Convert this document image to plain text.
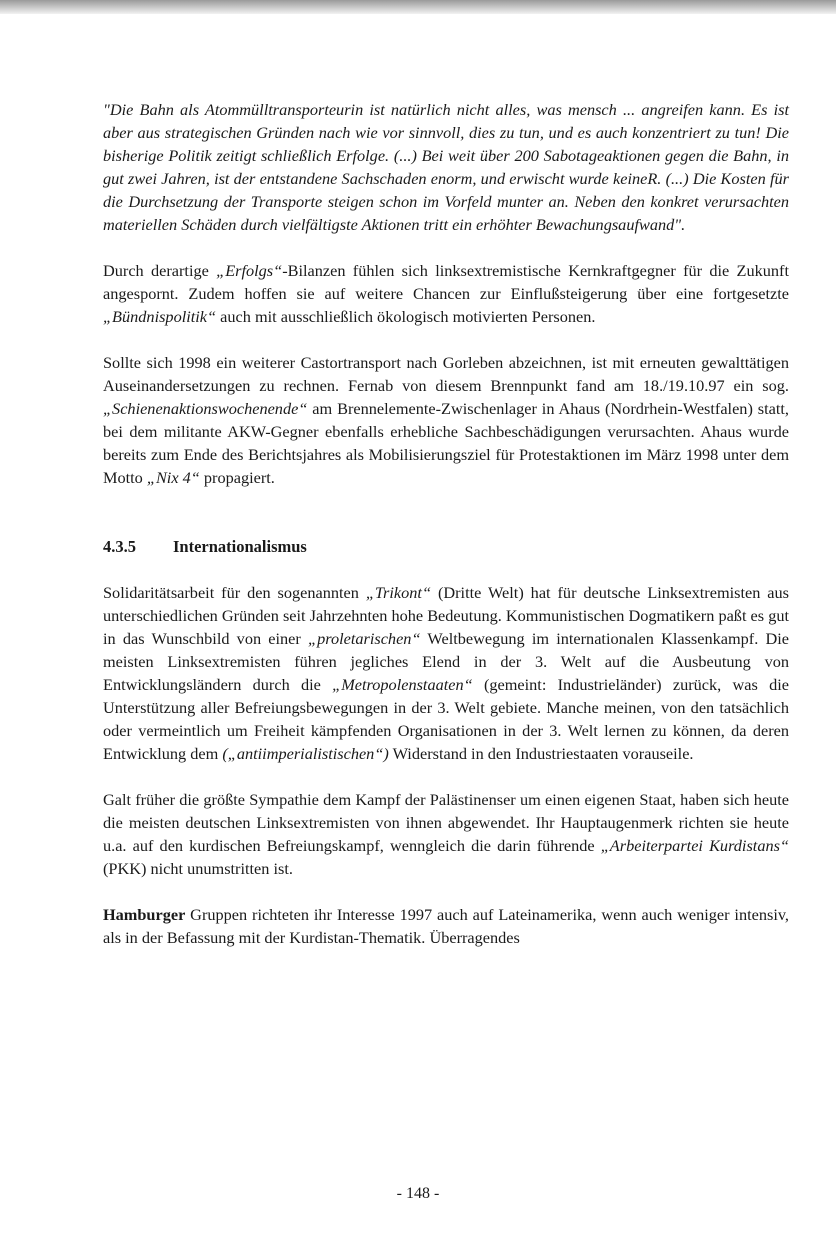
"Die Bahn als Atommülltransporteurin ist natürlich nicht alles, was mensch ... angreifen kann. Es ist aber aus strategischen Gründen nach wie vor sinnvoll, dies zu tun, und es auch konzentriert zu tun! Die bisherige Politik zeitigt schließlich Erfolge. (...) Bei weit über 200 Sabotageaktionen gegen die Bahn, in gut zwei Jahren, ist der entstandene Sachschaden enorm, und erwischt wurde keineR. (...) Die Kosten für die Durchsetzung der Transporte steigen schon im Vorfeld munter an. Neben den konkret verursachten materiellen Schäden durch vielfältigste Aktionen tritt ein erhöhter Bewachungsaufwand".

Durch derartige „Erfolgs“-Bilanzen fühlen sich linksextremistische Kernkraftgegner für die Zukunft angespornt. Zudem hoffen sie auf weitere Chancen zur Einflußsteigerung über eine fortgesetzte „Bündnispolitik“ auch mit ausschließlich ökologisch motivierten Personen.

Sollte sich 1998 ein weiterer Castortransport nach Gorleben abzeichnen, ist mit erneuten gewalttätigen Auseinandersetzungen zu rechnen. Fernab von diesem Brennpunkt fand am 18./19.10.97 ein sog. „Schienenaktionswochenende“ am Brennelemente-Zwischenlager in Ahaus (Nordrhein-Westfalen) statt, bei dem militante AKW-Gegner ebenfalls erhebliche Sachbeschädigungen verursachten. Ahaus wurde bereits zum Ende des Berichtsjahres als Mobilisierungsziel für Protestaktionen im März 1998 unter dem Motto „Nix 4“ propagiert.

4.3.5	Internationalismus

Solidaritätsarbeit für den sogenannten „Trikont“ (Dritte Welt) hat für deutsche Linksextremisten aus unterschiedlichen Gründen seit Jahrzehnten hohe Bedeutung. Kommunistischen Dogmatikern paßt es gut in das Wunschbild von einer „proletarischen“ Weltbewegung im internationalen Klassenkampf. Die meisten Linksextremisten führen jegliches Elend in der 3. Welt auf die Ausbeutung von Entwicklungsländern durch die „Metropolenstaaten“ (gemeint: Industrieländer) zurück, was die Unterstützung aller Befreiungsbewegungen in der 3. Welt gebiete. Manche meinen, von den tatsächlich oder vermeintlich um Freiheit kämpfenden Organisationen in der 3. Welt lernen zu können, da deren Entwicklung dem („antiimperialistischen“) Widerstand in den Industriestaaten vorauseile.

Galt früher die größte Sympathie dem Kampf der Palästinenser um einen eigenen Staat, haben sich heute die meisten deutschen Linksextremisten von ihnen abgewendet. Ihr Hauptaugenmerk richten sie heute u.a. auf den kurdischen Befreiungskampf, wenngleich die darin führende „Arbeiterpartei Kurdistans“ (PKK) nicht unumstritten ist.

Hamburger Gruppen richteten ihr Interesse 1997 auch auf Lateinamerika, wenn auch weniger intensiv, als in der Befassung mit der Kurdistan-Thematik. Überragendes

- 148 -
